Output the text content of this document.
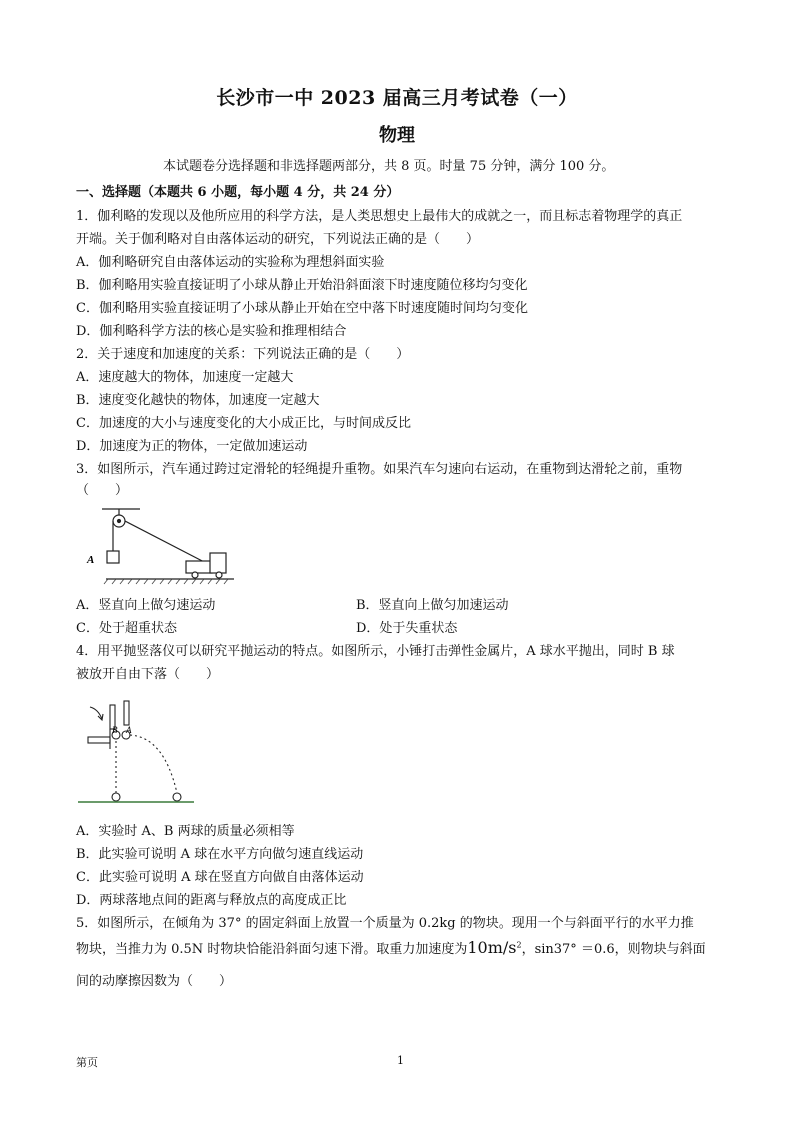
长沙市一中 2023 届高三月考试卷（一）
物理
本试题卷分选择题和非选择题两部分，共 8 页。时量 75 分钟，满分 100 分。
一、选择题（本题共 6 小题，每小题 4 分，共 24 分）
1．伽利略的发现以及他所应用的科学方法，是人类思想史上最伟大的成就之一，而且标志着物理学的真正
开端。关于伽利略对自由落体运动的研究，下列说法正确的是（　　）
A．伽利略研究自由落体运动的实验称为理想斜面实验
B．伽利略用实验直接证明了小球从静止开始沿斜面滚下时速度随位移均匀变化
C．伽利略用实验直接证明了小球从静止开始在空中落下时速度随时间均匀变化
D．伽利略科学方法的核心是实验和推理相结合
2．关于速度和加速度的关系：下列说法正确的是（　　）
A．速度越大的物体，加速度一定越大
B．速度变化越快的物体，加速度一定越大
C．加速度的大小与速度变化的大小成正比，与时间成反比
D．加速度为正的物体，一定做加速运动
3．如图所示，汽车通过跨过定滑轮的轻绳提升重物。如果汽车匀速向右运动，在重物到达滑轮之前，重物
（　　）
A
A．竖直向上做匀速运动	B．竖直向上做匀加速运动
C．处于超重状态	D．处于失重状态
4．用平抛竖落仪可以研究平抛运动的特点。如图所示，小锤打击弹性金属片，A 球水平抛出，同时 B 球
被放开自由下落（　　）
B A
A．实验时 A、B 两球的质量必须相等
B．此实验可说明 A 球在水平方向做匀速直线运动
C．此实验可说明 A 球在竖直方向做自由落体运动
D．两球落地点间的距离与释放点的高度成正比
5．如图所示，在倾角为 37° 的固定斜面上放置一个质量为 0.2kg 的物块。现用一个与斜面平行的水平力推
物块，当推力为 0.5N 时物块恰能沿斜面匀速下滑。取重力加速度为$10m/s^2$，sin37° ＝0.6，则物块与斜面
间的动摩擦因数为（　　）
第页	1
